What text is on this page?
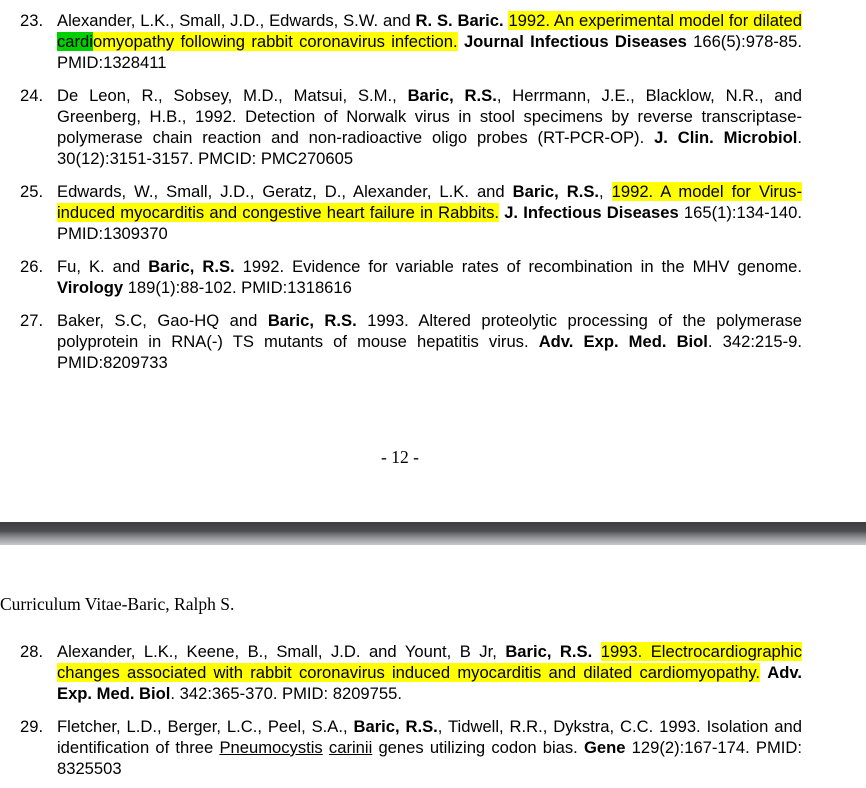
23. Alexander, L.K., Small, J.D., Edwards, S.W. and R. S. Baric. 1992. An experimental model for dilated cardiomyopathy following rabbit coronavirus infection. Journal Infectious Diseases 166(5):978-85. PMID:1328411
24. De Leon, R., Sobsey, M.D., Matsui, S.M., Baric, R.S., Herrmann, J.E., Blacklow, N.R., and Greenberg, H.B., 1992. Detection of Norwalk virus in stool specimens by reverse transcriptase-polymerase chain reaction and non-radioactive oligo probes (RT-PCR-OP). J. Clin. Microbiol. 30(12):3151-3157. PMCID: PMC270605
25. Edwards, W., Small, J.D., Geratz, D., Alexander, L.K. and Baric, R.S., 1992. A model for Virus-induced myocarditis and congestive heart failure in Rabbits. J. Infectious Diseases 165(1):134-140. PMID:1309370
26. Fu, K. and Baric, R.S. 1992. Evidence for variable rates of recombination in the MHV genome. Virology 189(1):88-102. PMID:1318616
27. Baker, S.C, Gao-HQ and Baric, R.S. 1993. Altered proteolytic processing of the polymerase polyprotein in RNA(-) TS mutants of mouse hepatitis virus. Adv. Exp. Med. Biol. 342:215-9. PMID:8209733
- 12 -
Curriculum Vitae-Baric, Ralph S.
28. Alexander, L.K., Keene, B., Small, J.D. and Yount, B Jr, Baric, R.S. 1993. Electrocardiographic changes associated with rabbit coronavirus induced myocarditis and dilated cardiomyopathy. Adv. Exp. Med. Biol. 342:365-370. PMID: 8209755.
29. Fletcher, L.D., Berger, L.C., Peel, S.A., Baric, R.S., Tidwell, R.R., Dykstra, C.C. 1993. Isolation and identification of three Pneumocystis carinii genes utilizing codon bias. Gene 129(2):167-174. PMID: 8325503
